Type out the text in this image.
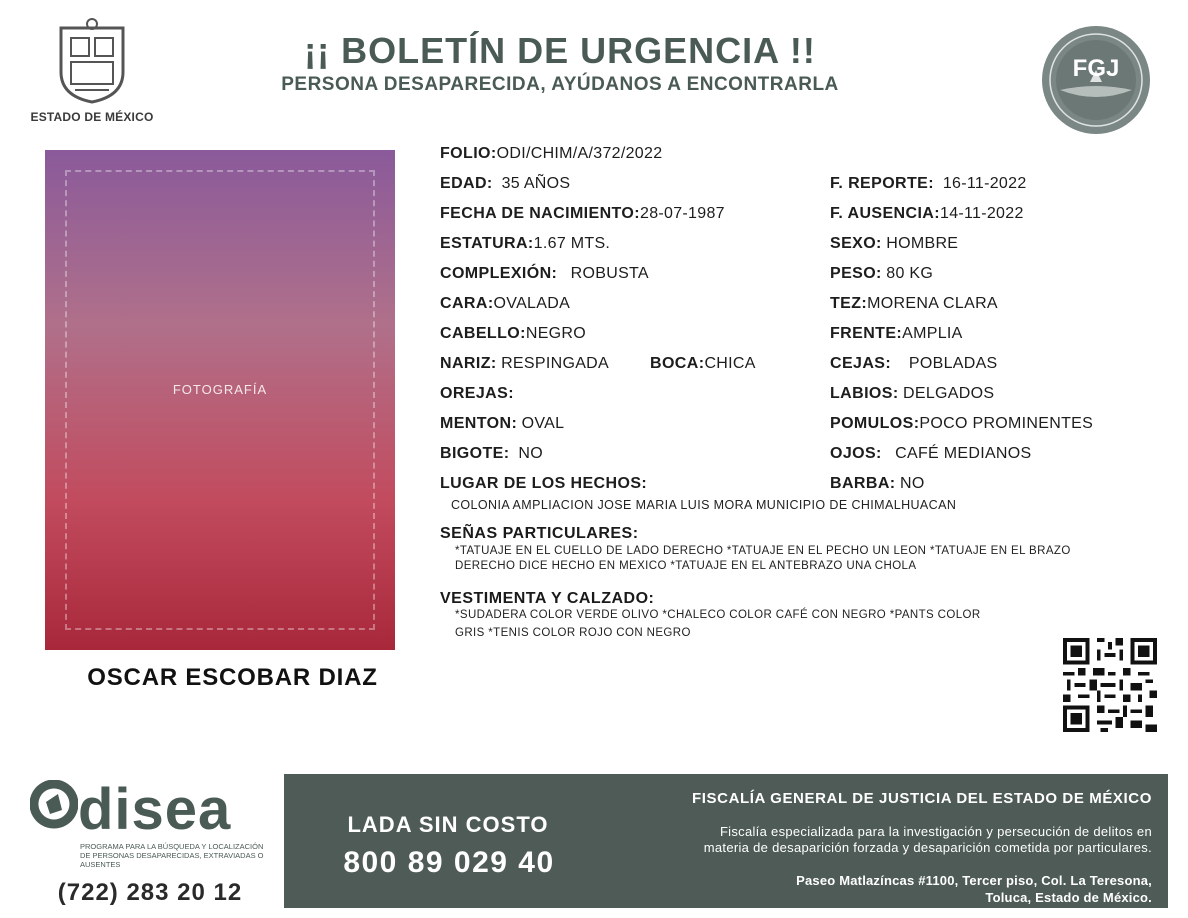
ESTADO DE MÉXICO
¡¡ BOLETÍN DE URGENCIA !!
PERSONA DESAPARECIDA, AYÚDANOS A ENCONTRARLA
FGJ
FOTOGRAFÍA
OSCAR ESCOBAR DIAZ
FOLIO:ODI/CHIM/A/372/2022
EDAD: 35 AÑOS
FECHA DE NACIMIENTO:28-07-1987
ESTATURA:1.67 MTS.
COMPLEXIÓN: ROBUSTA
CARA:OVALADA
CABELLO:NEGRO
NARIZ: RESPINGADA	BOCA:CHICA
OREJAS:
MENTON: OVAL
BIGOTE: NO
LUGAR DE LOS HECHOS:
COLONIA AMPLIACION JOSE MARIA LUIS MORA MUNICIPIO DE CHIMALHUACAN
F. REPORTE: 16-11-2022
F. AUSENCIA:14-11-2022
SEXO: HOMBRE
PESO: 80 KG
TEZ:MORENA CLARA
FRENTE:AMPLIA
CEJAS: POBLADAS
LABIOS: DELGADOS
POMULOS:POCO PROMINENTES
OJOS: CAFÉ MEDIANOS
BARBA: NO
SEÑAS PARTICULARES:
*TATUAJE EN EL CUELLO DE LADO DERECHO *TATUAJE EN EL PECHO UN LEON *TATUAJE EN EL BRAZO
DERECHO DICE HECHO EN MEXICO *TATUAJE EN EL ANTEBRAZO UNA CHOLA
VESTIMENTA Y CALZADO:
*SUDADERA COLOR VERDE OLIVO *CHALECO COLOR CAFÉ CON NEGRO *PANTS COLOR
GRIS *TENIS COLOR ROJO CON NEGRO
disea
PROGRAMA PARA LA BÚSQUEDA Y LOCALIZACIÓN DE PERSONAS DESAPARECIDAS, EXTRAVIADAS O AUSENTES
(722) 283 20 12
LADA SIN COSTO
800 89 029 40
FISCALÍA GENERAL DE JUSTICIA DEL ESTADO DE MÉXICO
Fiscalía especializada para la investigación y persecución de delitos en
materia de desaparición forzada y desaparición cometida por particulares.
Paseo Matlazíncas #1100, Tercer piso, Col. La Teresona,
Toluca, Estado de México.
